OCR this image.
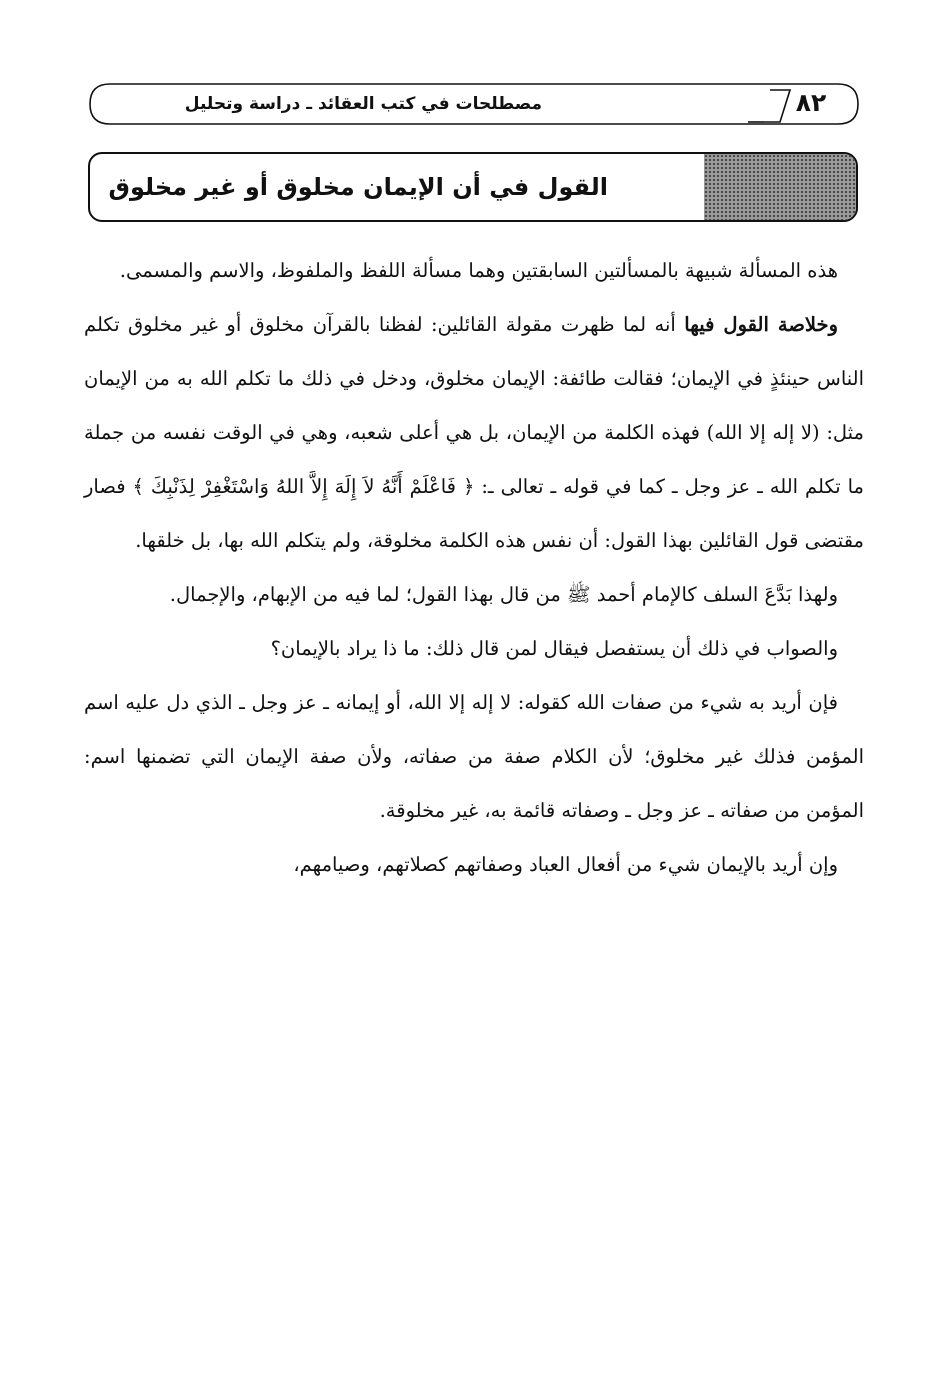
٨٢
مصطلحات في كتب العقائد ـ دراسة وتحليل
القول في أن الإيمان مخلوق أو غير مخلوق

هذه المسألة شبيهة بالمسألتين السابقتين وهما مسألة اللفظ والملفوظ، والاسم والمسمى.

وخلاصة القول فيها أنه لما ظهرت مقولة القائلين: لفظنا بالقرآن مخلوق أو غير مخلوق تكلم الناس حينئذٍ في الإيمان؛ فقالت طائفة: الإيمان مخلوق، ودخل في ذلك ما تكلم الله به من الإيمان مثل: (لا إله إلا الله) فهذه الكلمة من الإيمان، بل هي أعلى شعبه، وهي في الوقت نفسه من جملة ما تكلم الله ـ عز وجل ـ كما في قوله ـ تعالى ـ: ﴿ فَاعْلَمْ أَنَّهُ لاَ إِلَهَ إِلاَّ اللهُ وَاسْتَغْفِرْ لِذَنْبِكَ ﴾ فصار مقتضى قول القائلين بهذا القول: أن نفس هذه الكلمة مخلوقة، ولم يتكلم الله بها، بل خلقها.

ولهذا بَدَّعَ السلف كالإمام أحمد ﷺ من قال بهذا القول؛ لما فيه من الإبهام، والإجمال.

والصواب في ذلك أن يستفصل فيقال لمن قال ذلك: ما ذا يراد بالإيمان؟

فإن أريد به شيء من صفات الله كقوله: لا إله إلا الله، أو إيمانه ـ عز وجل ـ الذي دل عليه اسم المؤمن فذلك غير مخلوق؛ لأن الكلام صفة من صفاته، ولأن صفة الإيمان التي تضمنها اسم: المؤمن من صفاته ـ عز وجل ـ وصفاته قائمة به، غير مخلوقة.

وإن أريد بالإيمان شيء من أفعال العباد وصفاتهم كصلاتهم، وصيامهم،
